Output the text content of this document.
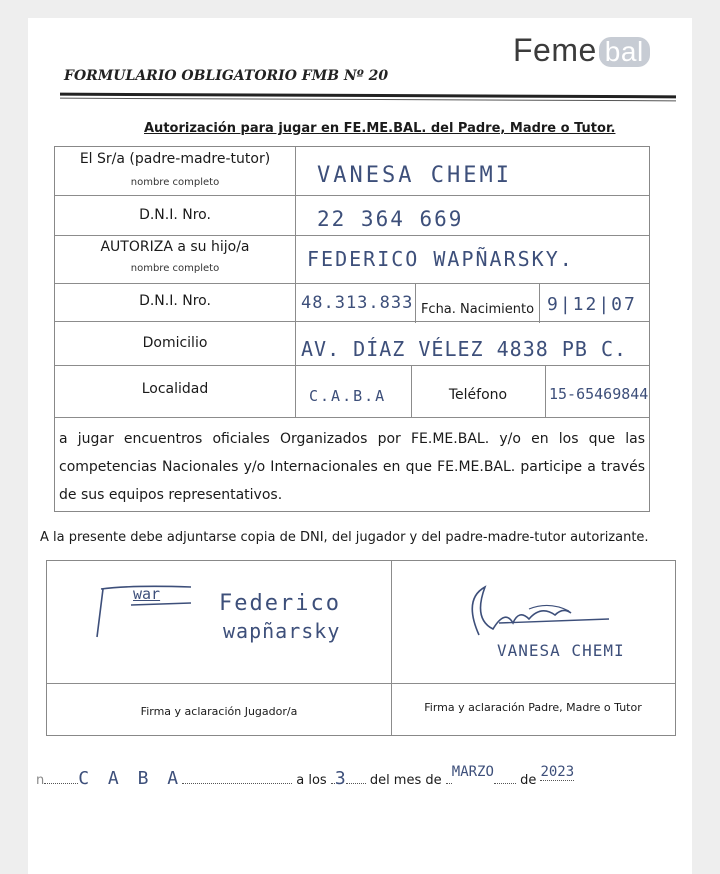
Feme bal
FORMULARIO OBLIGATORIO FMB Nº 20
Autorización para jugar en FE.ME.BAL. del Padre, Madre o Tutor.
El Sr/a (padre-madre-tutor)
nombre completo	VANESA CHEMI
D.N.I. Nro.	22 364 669
AUTORIZA a su hijo/a
nombre completo	FEDERICO WAPÑARSKY.
D.N.I. Nro.	48.313.833 Fcha. Nacimiento 9|12|07
Domicilio	AV. DÍAZ VÉLEZ 4838 PB C.
Localidad	C.A.B.A	Teléfono	15-65469844
a jugar encuentros oficiales Organizados por FE.ME.BAL. y/o en los que las competencias Nacionales y/o Internacionales en que FE.ME.BAL. participe a través de sus equipos representativos.
A la presente debe adjuntarse copia de DNI, del jugador y del padre-madre-tutor autorizante.
war	Federico
wapñarsky
VANESA CHEMI
Firma y aclaración Jugador/a	Firma y aclaración Padre, Madre o Tutor
n C A B A	a los 3 del mes de MARZO de 2023
